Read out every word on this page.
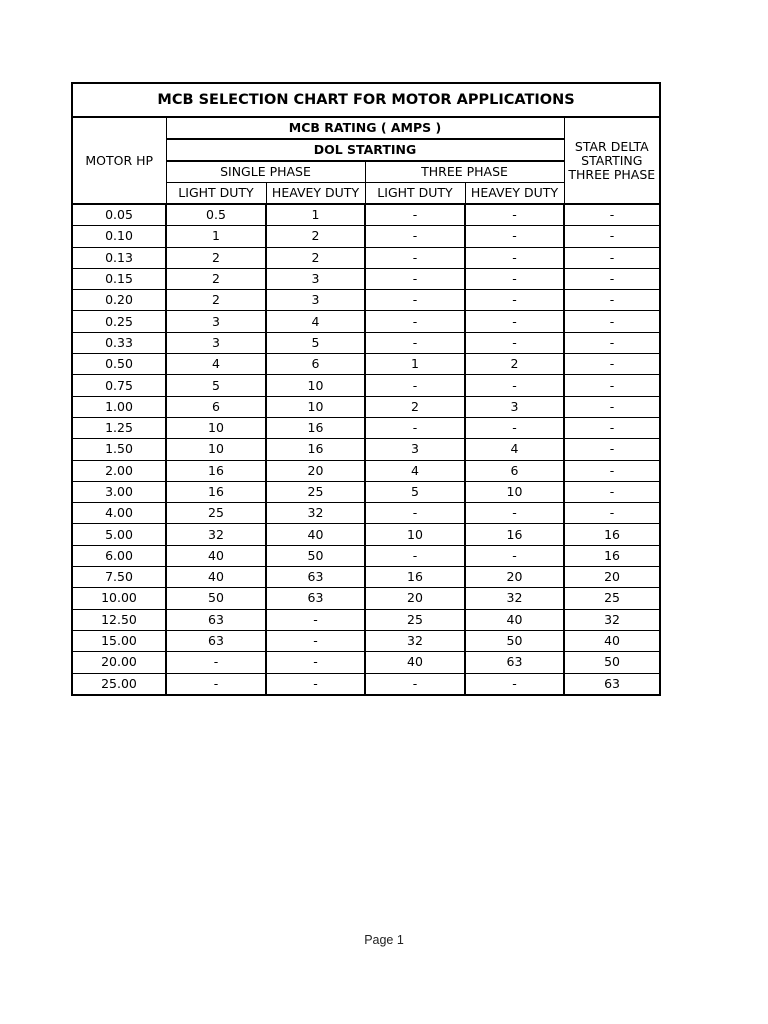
MCB SELECTION CHART FOR MOTOR APPLICATIONS					
MOTOR HP	MCB RATING ( AMPS )				STAR DELTA
STARTING
THREE PHASE
	DOL STARTING				
	SINGLE PHASE		THREE PHASE		
	LIGHT DUTY	HEAVEY DUTY	LIGHT DUTY	HEAVEY DUTY	
0.05	0.5	1	-	-	-
0.10	1	2	-	-	-
0.13	2	2	-	-	-
0.15	2	3	-	-	-
0.20	2	3	-	-	-
0.25	3	4	-	-	-
0.33	3	5	-	-	-
0.50	4	6	1	2	-
0.75	5	10	-	-	-
1.00	6	10	2	3	-
1.25	10	16	-	-	-
1.50	10	16	3	4	-
2.00	16	20	4	6	-
3.00	16	25	5	10	-
4.00	25	32	-	-	-
5.00	32	40	10	16	16
6.00	40	50	-	-	16
7.50	40	63	16	20	20
10.00	50	63	20	32	25
12.50	63	-	25	40	32
15.00	63	-	32	50	40
20.00	-	-	40	63	50
25.00	-	-	-	-	63
Page 1
